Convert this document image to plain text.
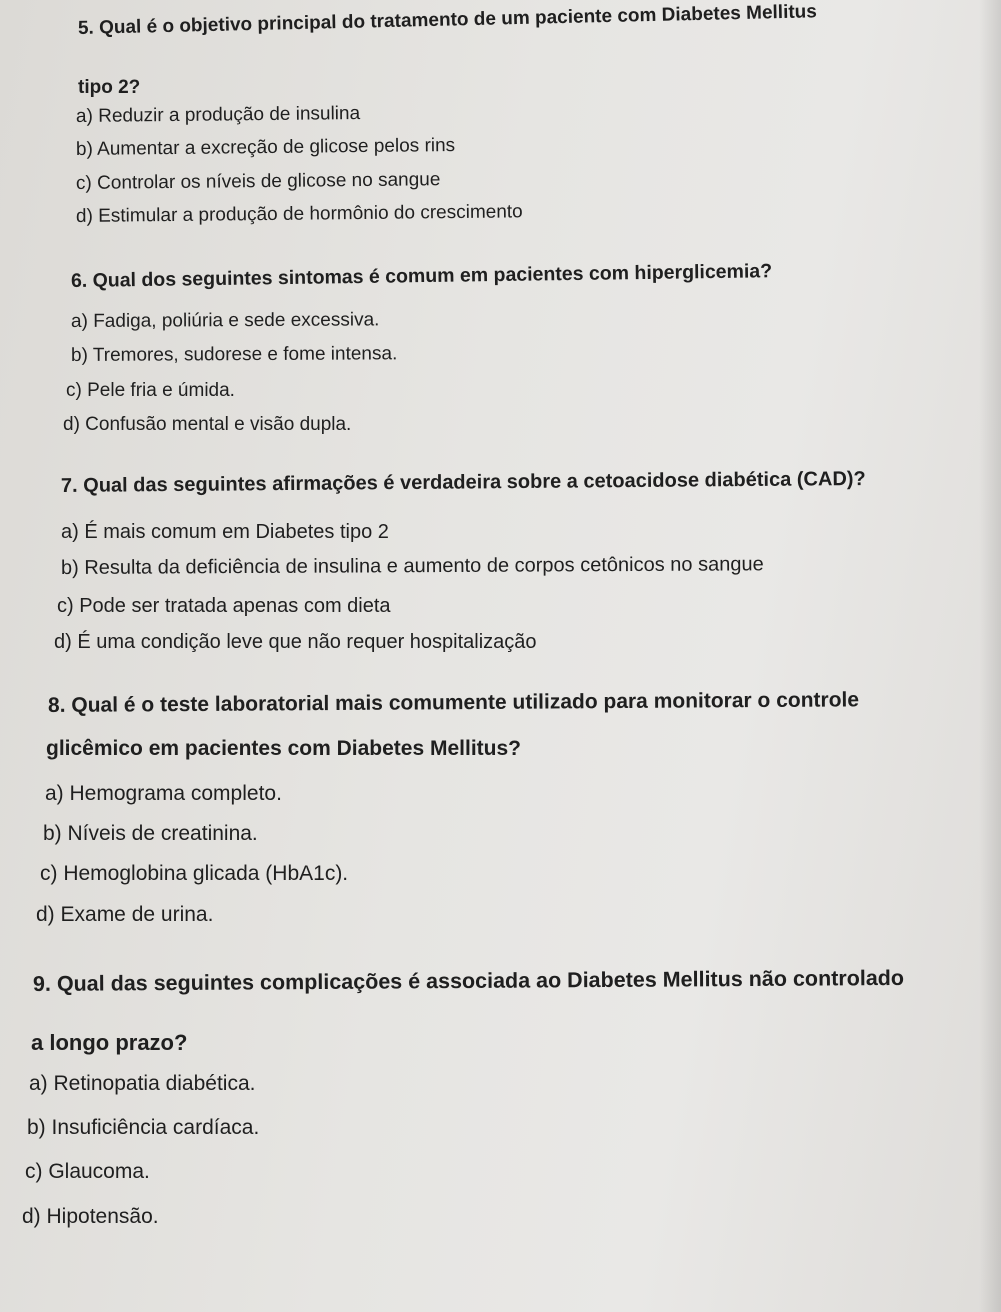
5. Qual é o objetivo principal do tratamento de um paciente com Diabetes Mellitus
tipo 2?
a) Reduzir a produção de insulina
b) Aumentar a excreção de glicose pelos rins
c) Controlar os níveis de glicose no sangue
d) Estimular a produção de hormônio do crescimento
6. Qual dos seguintes sintomas é comum em pacientes com hiperglicemia?
a) Fadiga, poliúria e sede excessiva.
b) Tremores, sudorese e fome intensa.
c) Pele fria e úmida.
d) Confusão mental e visão dupla.
7. Qual das seguintes afirmações é verdadeira sobre a cetoacidose diabética (CAD)?
a) É mais comum em Diabetes tipo 2
b) Resulta da deficiência de insulina e aumento de corpos cetônicos no sangue
c) Pode ser tratada apenas com dieta
d) É uma condição leve que não requer hospitalização
8. Qual é o teste laboratorial mais comumente utilizado para monitorar o controle
glicêmico em pacientes com Diabetes Mellitus?
a) Hemograma completo.
b) Níveis de creatinina.
c) Hemoglobina glicada (HbA1c).
d) Exame de urina.
9. Qual das seguintes complicações é associada ao Diabetes Mellitus não controlado
a longo prazo?
a) Retinopatia diabética.
b) Insuficiência cardíaca.
c) Glaucoma.
d) Hipotensão.
